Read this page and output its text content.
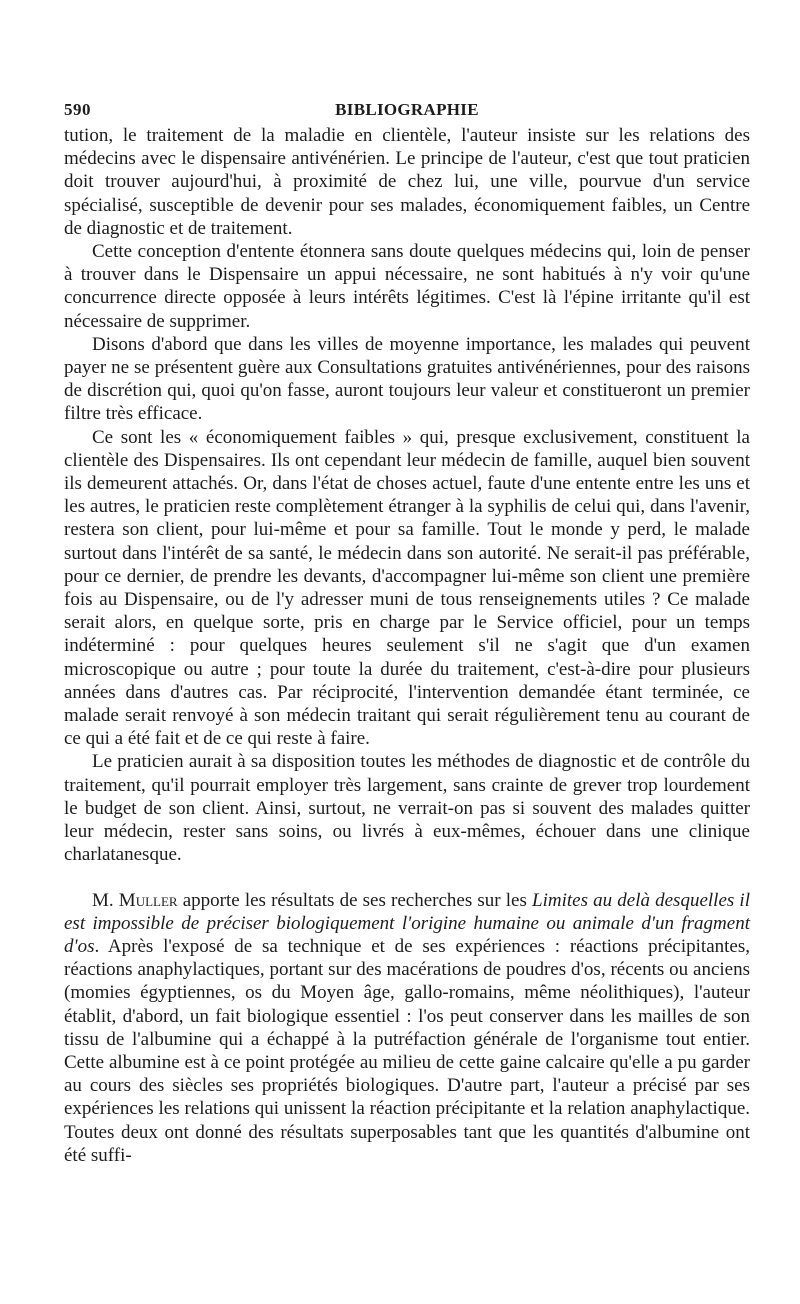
590	BIBLIOGRAPHIE

tution, le traitement de la maladie en clientèle, l'auteur insiste sur les relations des médecins avec le dispensaire antivénérien. Le principe de l'auteur, c'est que tout praticien doit trouver aujourd'hui, à proximité de chez lui, une ville, pourvue d'un service spécialisé, susceptible de devenir pour ses malades, économiquement faibles, un Centre de diagnostic et de traitement.

Cette conception d'entente étonnera sans doute quelques médecins qui, loin de penser à trouver dans le Dispensaire un appui nécessaire, ne sont habitués à n'y voir qu'une concurrence directe opposée à leurs intérêts légitimes. C'est là l'épine irritante qu'il est nécessaire de supprimer.

Disons d'abord que dans les villes de moyenne importance, les malades qui peuvent payer ne se présentent guère aux Consultations gratuites antivénériennes, pour des raisons de discrétion qui, quoi qu'on fasse, auront toujours leur valeur et constitueront un premier filtre très efficace.

Ce sont les « économiquement faibles » qui, presque exclusivement, constituent la clientèle des Dispensaires. Ils ont cependant leur médecin de famille, auquel bien souvent ils demeurent attachés. Or, dans l'état de choses actuel, faute d'une entente entre les uns et les autres, le praticien reste complètement étranger à la syphilis de celui qui, dans l'avenir, restera son client, pour lui-même et pour sa famille. Tout le monde y perd, le malade surtout dans l'intérêt de sa santé, le médecin dans son autorité. Ne serait-il pas préférable, pour ce dernier, de prendre les devants, d'accompagner lui-même son client une première fois au Dispensaire, ou de l'y adresser muni de tous renseignements utiles ? Ce malade serait alors, en quelque sorte, pris en charge par le Service officiel, pour un temps indéterminé : pour quelques heures seulement s'il ne s'agit que d'un examen microscopique ou autre ; pour toute la durée du traitement, c'est-à-dire pour plusieurs années dans d'autres cas. Par réciprocité, l'intervention demandée étant terminée, ce malade serait renvoyé à son médecin traitant qui serait régulièrement tenu au courant de ce qui a été fait et de ce qui reste à faire.

Le praticien aurait à sa disposition toutes les méthodes de diagnostic et de contrôle du traitement, qu'il pourrait employer très largement, sans crainte de grever trop lourdement le budget de son client. Ainsi, surtout, ne verrait-on pas si souvent des malades quitter leur médecin, rester sans soins, ou livrés à eux-mêmes, échouer dans une clinique charlatanesque.

M. Muller apporte les résultats de ses recherches sur les Limites au delà desquelles il est impossible de préciser biologiquement l'origine humaine ou animale d'un fragment d'os. Après l'exposé de sa technique et de ses expériences : réactions précipitantes, réactions anaphylactiques, portant sur des macérations de poudres d'os, récents ou anciens (momies égyptiennes, os du Moyen âge, gallo-romains, même néolithiques), l'auteur établit, d'abord, un fait biologique essentiel : l'os peut conserver dans les mailles de son tissu de l'albumine qui a échappé à la putréfaction générale de l'organisme tout entier. Cette albumine est à ce point protégée au milieu de cette gaine calcaire qu'elle a pu garder au cours des siècles ses propriétés biologiques. D'autre part, l'auteur a précisé par ses expériences les relations qui unissent la réaction précipitante et la relation anaphylactique. Toutes deux ont donné des résultats superposables tant que les quantités d'albumine ont été suffi-
